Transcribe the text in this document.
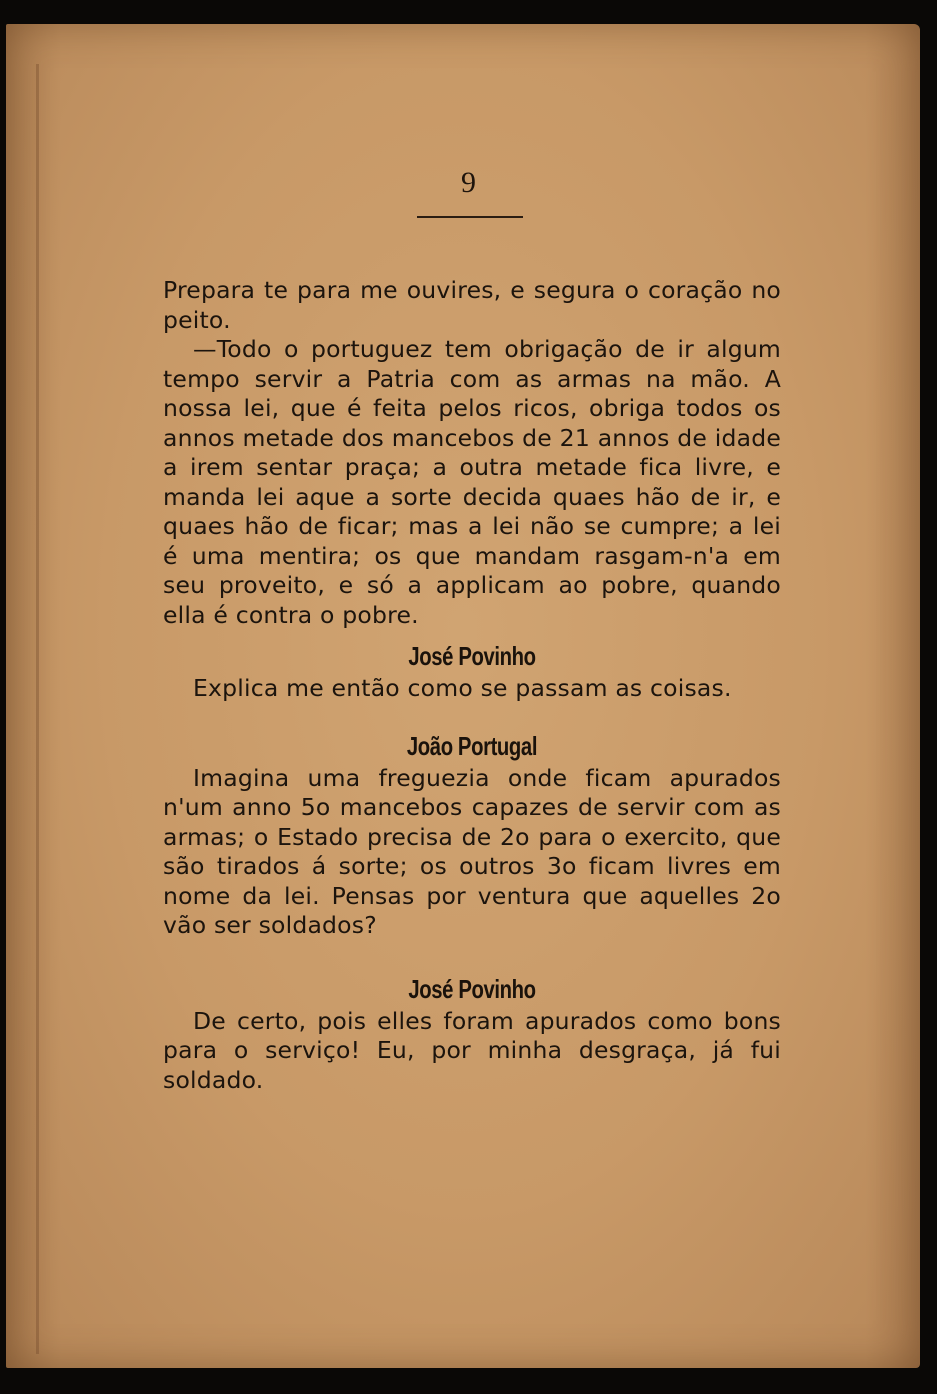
9

Prepara te para me ouvires, e segura o coração no peito.

—Todo o portuguez tem obrigação de ir algum tempo servir a Patria com as armas na mão. A nossa lei, que é feita pelos ricos, obriga todos os annos metade dos mancebos de 21 annos de idade a irem sentar praça; a outra metade fica livre, e manda lei aque a sorte decida quaes hão de ir, e quaes hão de ficar; mas a lei não se cumpre; a lei é uma mentira; os que mandam rasgam-n'a em seu proveito, e só a applicam ao pobre, quando ella é contra o pobre.

José Povinho

Explica me então como se passam as coisas.

João Portugal

Imagina uma freguezia onde ficam apurados n'um anno 5o mancebos capazes de servir com as armas; o Estado precisa de 2o para o exercito, que são tirados á sorte; os outros 3o ficam livres em nome da lei. Pensas por ventura que aquelles 2o vão ser soldados?

José Povinho

De certo, pois elles foram apurados como bons para o serviço! Eu, por minha desgraça, já fui soldado.
